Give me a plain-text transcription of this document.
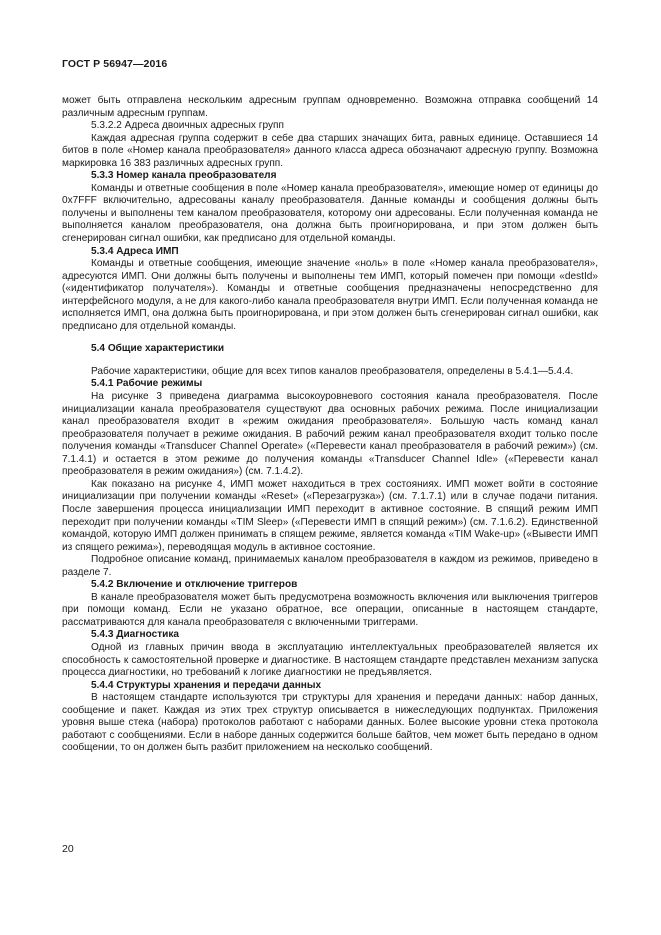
ГОСТ Р 56947—2016

может быть отправлена нескольким адресным группам одновременно. Возможна отправка сообщений 14 различным адресным группам.

5.3.2.2 Адреса двоичных адресных групп

Каждая адресная группа содержит в себе два старших значащих бита, равных единице. Оставшиеся 14 битов в поле «Номер канала преобразователя» данного класса адреса обозначают адресную группу. Возможна маркировка 16 383 различных адресных групп.

5.3.3 Номер канала преобразователя

Команды и ответные сообщения в поле «Номер канала преобразователя», имеющие номер от единицы до 0x7FFF включительно, адресованы каналу преобразователя. Данные команды и сообщения должны быть получены и выполнены тем каналом преобразователя, которому они адресованы. Если полученная команда не выполняется каналом преобразователя, она должна быть проигнорирована, и при этом должен быть сгенерирован сигнал ошибки, как предписано для отдельной команды.

5.3.4 Адреса ИМП

Команды и ответные сообщения, имеющие значение «ноль» в поле «Номер канала преобразователя», адресуются ИМП. Они должны быть получены и выполнены тем ИМП, который помечен при помощи «destId» («идентификатор получателя»). Команды и ответные сообщения предназначены непосредственно для интерфейсного модуля, а не для какого-либо канала преобразователя внутри ИМП. Если полученная команда не исполняется ИМП, она должна быть проигнорирована, и при этом должен быть сгенерирован сигнал ошибки, как предписано для отдельной команды.

5.4 Общие характеристики

Рабочие характеристики, общие для всех типов каналов преобразователя, определены в 5.4.1—5.4.4.

5.4.1 Рабочие режимы

На рисунке 3 приведена диаграмма высокоуровневого состояния канала преобразователя. После инициализации канала преобразователя существуют два основных рабочих режима. После инициализации канал преобразователя входит в «режим ожидания преобразователя». Большую часть команд канал преобразователя получает в режиме ожидания. В рабочий режим канал преобразователя входит только после получения команды «Transducer Channel Operate» («Перевести канал преобразователя в рабочий режим») (см. 7.1.4.1) и остается в этом режиме до получения команды «Transducer Channel Idle» («Перевести канал преобразователя в режим ожидания») (см. 7.1.4.2).

Как показано на рисунке 4, ИМП может находиться в трех состояниях. ИМП может войти в состояние инициализации при получении команды «Reset» («Перезагрузка») (см. 7.1.7.1) или в случае подачи питания. После завершения процесса инициализации ИМП переходит в активное состояние. В спящий режим ИМП переходит при получении команды «TIM Sleep» («Перевести ИМП в спящий режим») (см. 7.1.6.2). Единственной командой, которую ИМП должен принимать в спящем режиме, является команда «TIM Wake-up» («Вывести ИМП из спящего режима»), переводящая модуль в активное состояние.

Подробное описание команд, принимаемых каналом преобразователя в каждом из режимов, приведено в разделе 7.

5.4.2 Включение и отключение триггеров

В канале преобразователя может быть предусмотрена возможность включения или выключения триггеров при помощи команд. Если не указано обратное, все операции, описанные в настоящем стандарте, рассматриваются для канала преобразователя с включенными триггерами.

5.4.3 Диагностика

Одной из главных причин ввода в эксплуатацию интеллектуальных преобразователей является их способность к самостоятельной проверке и диагностике. В настоящем стандарте представлен механизм запуска процесса диагностики, но требований к логике диагностики не предъявляется.

5.4.4 Структуры хранения и передачи данных

В настоящем стандарте используются три структуры для хранения и передачи данных: набор данных, сообщение и пакет. Каждая из этих трех структур описывается в нижеследующих подпунктах. Приложения уровня выше стека (набора) протоколов работают с наборами данных. Более высокие уровни стека протокола работают с сообщениями. Если в наборе данных содержится больше байтов, чем может быть передано в одном сообщении, то он должен быть разбит приложением на несколько сообщений.

20
